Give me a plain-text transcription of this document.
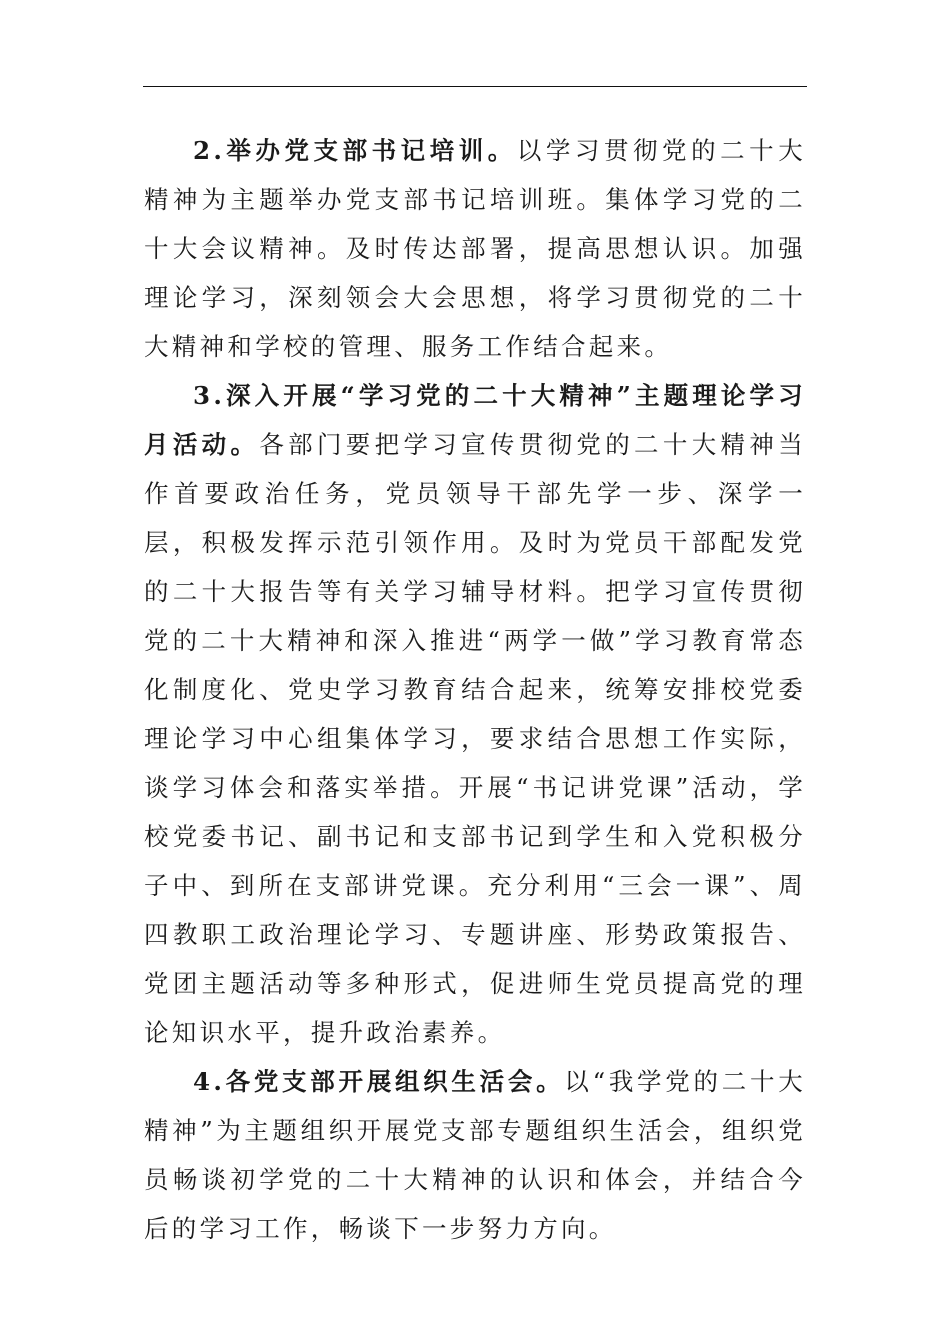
2.举办党支部书记培训。以学习贯彻党的二十大精神为主题举办党支部书记培训班。集体学习党的二十大会议精神。及时传达部署，提高思想认识。加强理论学习，深刻领会大会思想，将学习贯彻党的二十大精神和学校的管理、服务工作结合起来。

3.深入开展“学习党的二十大精神”主题理论学习月活动。各部门要把学习宣传贯彻党的二十大精神当作首要政治任务，党员领导干部先学一步、深学一层，积极发挥示范引领作用。及时为党员干部配发党的二十大报告等有关学习辅导材料。把学习宣传贯彻党的二十大精神和深入推进“两学一做”学习教育常态化制度化、党史学习教育结合起来，统筹安排校党委理论学习中心组集体学习，要求结合思想工作实际，谈学习体会和落实举措。开展“书记讲党课”活动，学校党委书记、副书记和支部书记到学生和入党积极分子中、到所在支部讲党课。充分利用“三会一课”、周四教职工政治理论学习、专题讲座、形势政策报告、党团主题活动等多种形式，促进师生党员提高党的理论知识水平，提升政治素养。

4.各党支部开展组织生活会。以“我学党的二十大精神”为主题组织开展党支部专题组织生活会，组织党员畅谈初学党的二十大精神的认识和体会，并结合今后的学习工作，畅谈下一步努力方向。
